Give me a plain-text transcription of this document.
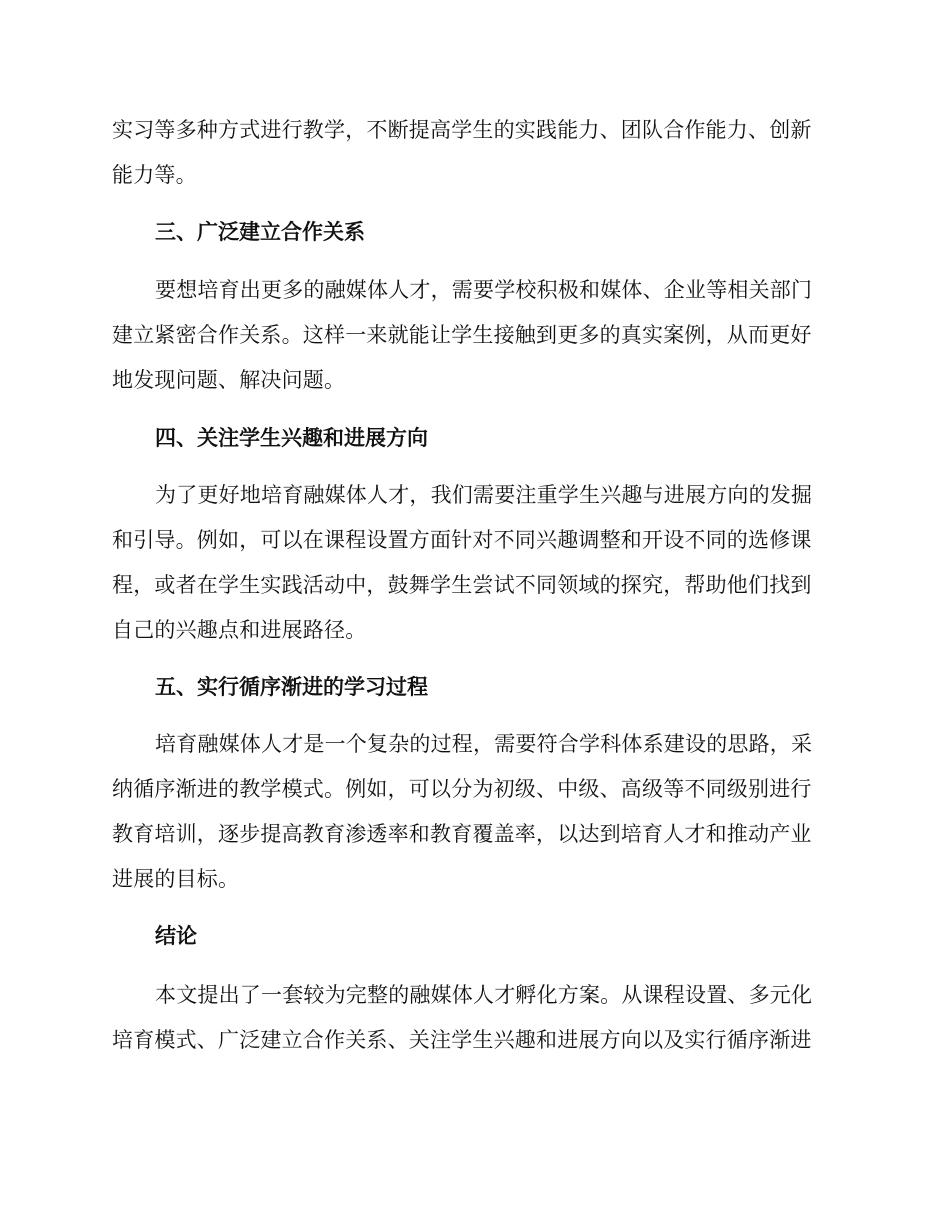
实习等多种方式进行教学，不断提高学生的实践能力、团队合作能力、创新
能力等。
三、广泛建立合作关系
要想培育出更多的融媒体人才，需要学校积极和媒体、企业等相关部门
建立紧密合作关系。这样一来就能让学生接触到更多的真实案例，从而更好
地发现问题、解决问题。
四、关注学生兴趣和进展方向
为了更好地培育融媒体人才，我们需要注重学生兴趣与进展方向的发掘
和引导。例如，可以在课程设置方面针对不同兴趣调整和开设不同的选修课
程，或者在学生实践活动中，鼓舞学生尝试不同领域的探究，帮助他们找到
自己的兴趣点和进展路径。
五、实行循序渐进的学习过程
培育融媒体人才是一个复杂的过程，需要符合学科体系建设的思路，采
纳循序渐进的教学模式。例如，可以分为初级、中级、高级等不同级别进行
教育培训，逐步提高教育渗透率和教育覆盖率，以达到培育人才和推动产业
进展的目标。
结论
本文提出了一套较为完整的融媒体人才孵化方案。从课程设置、多元化
培育模式、广泛建立合作关系、关注学生兴趣和进展方向以及实行循序渐进
